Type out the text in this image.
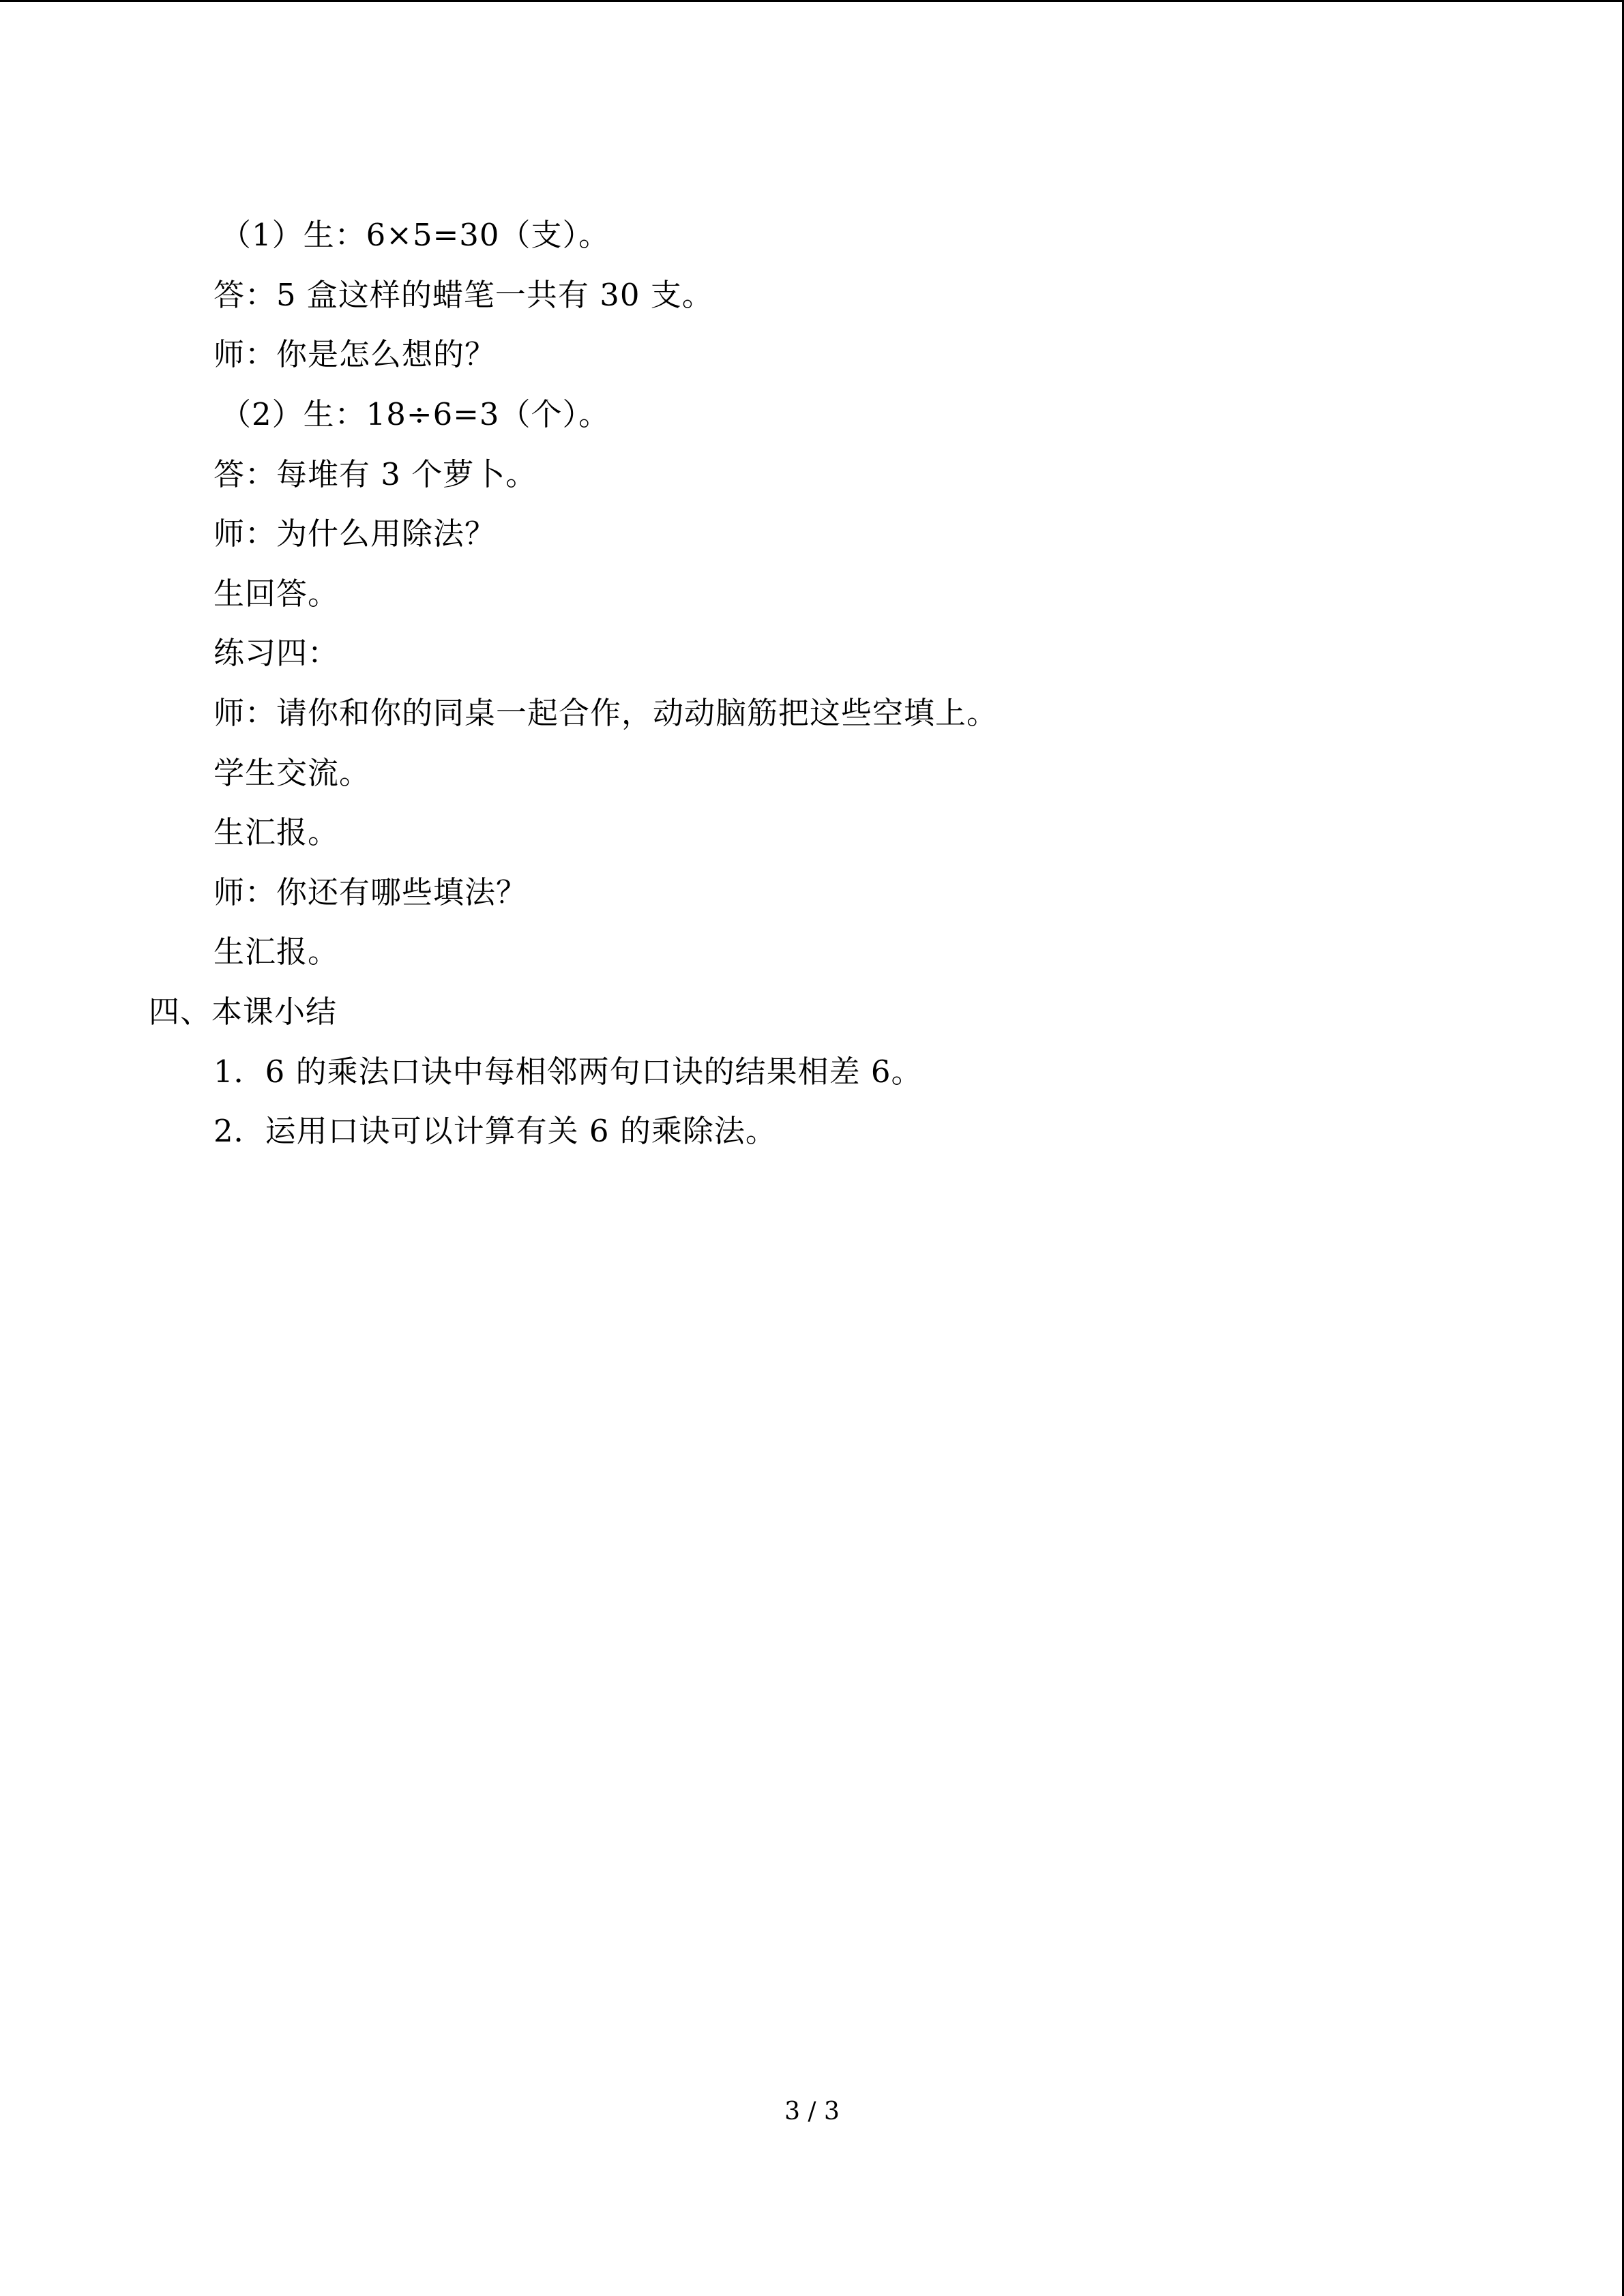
（1）生：6×5=30（支）。
答：5 盒这样的蜡笔一共有 30 支。
师：你是怎么想的？
（2）生：18÷6=3（个）。
答：每堆有 3 个萝卜。
师：为什么用除法？
生回答。
练习四：
师：请你和你的同桌一起合作，动动脑筋把这些空填上。
学生交流。
生汇报。
师：你还有哪些填法？
生汇报。
四、本课小结
1．6 的乘法口诀中每相邻两句口诀的结果相差 6。
2．运用口诀可以计算有关 6 的乘除法。
3 / 3
